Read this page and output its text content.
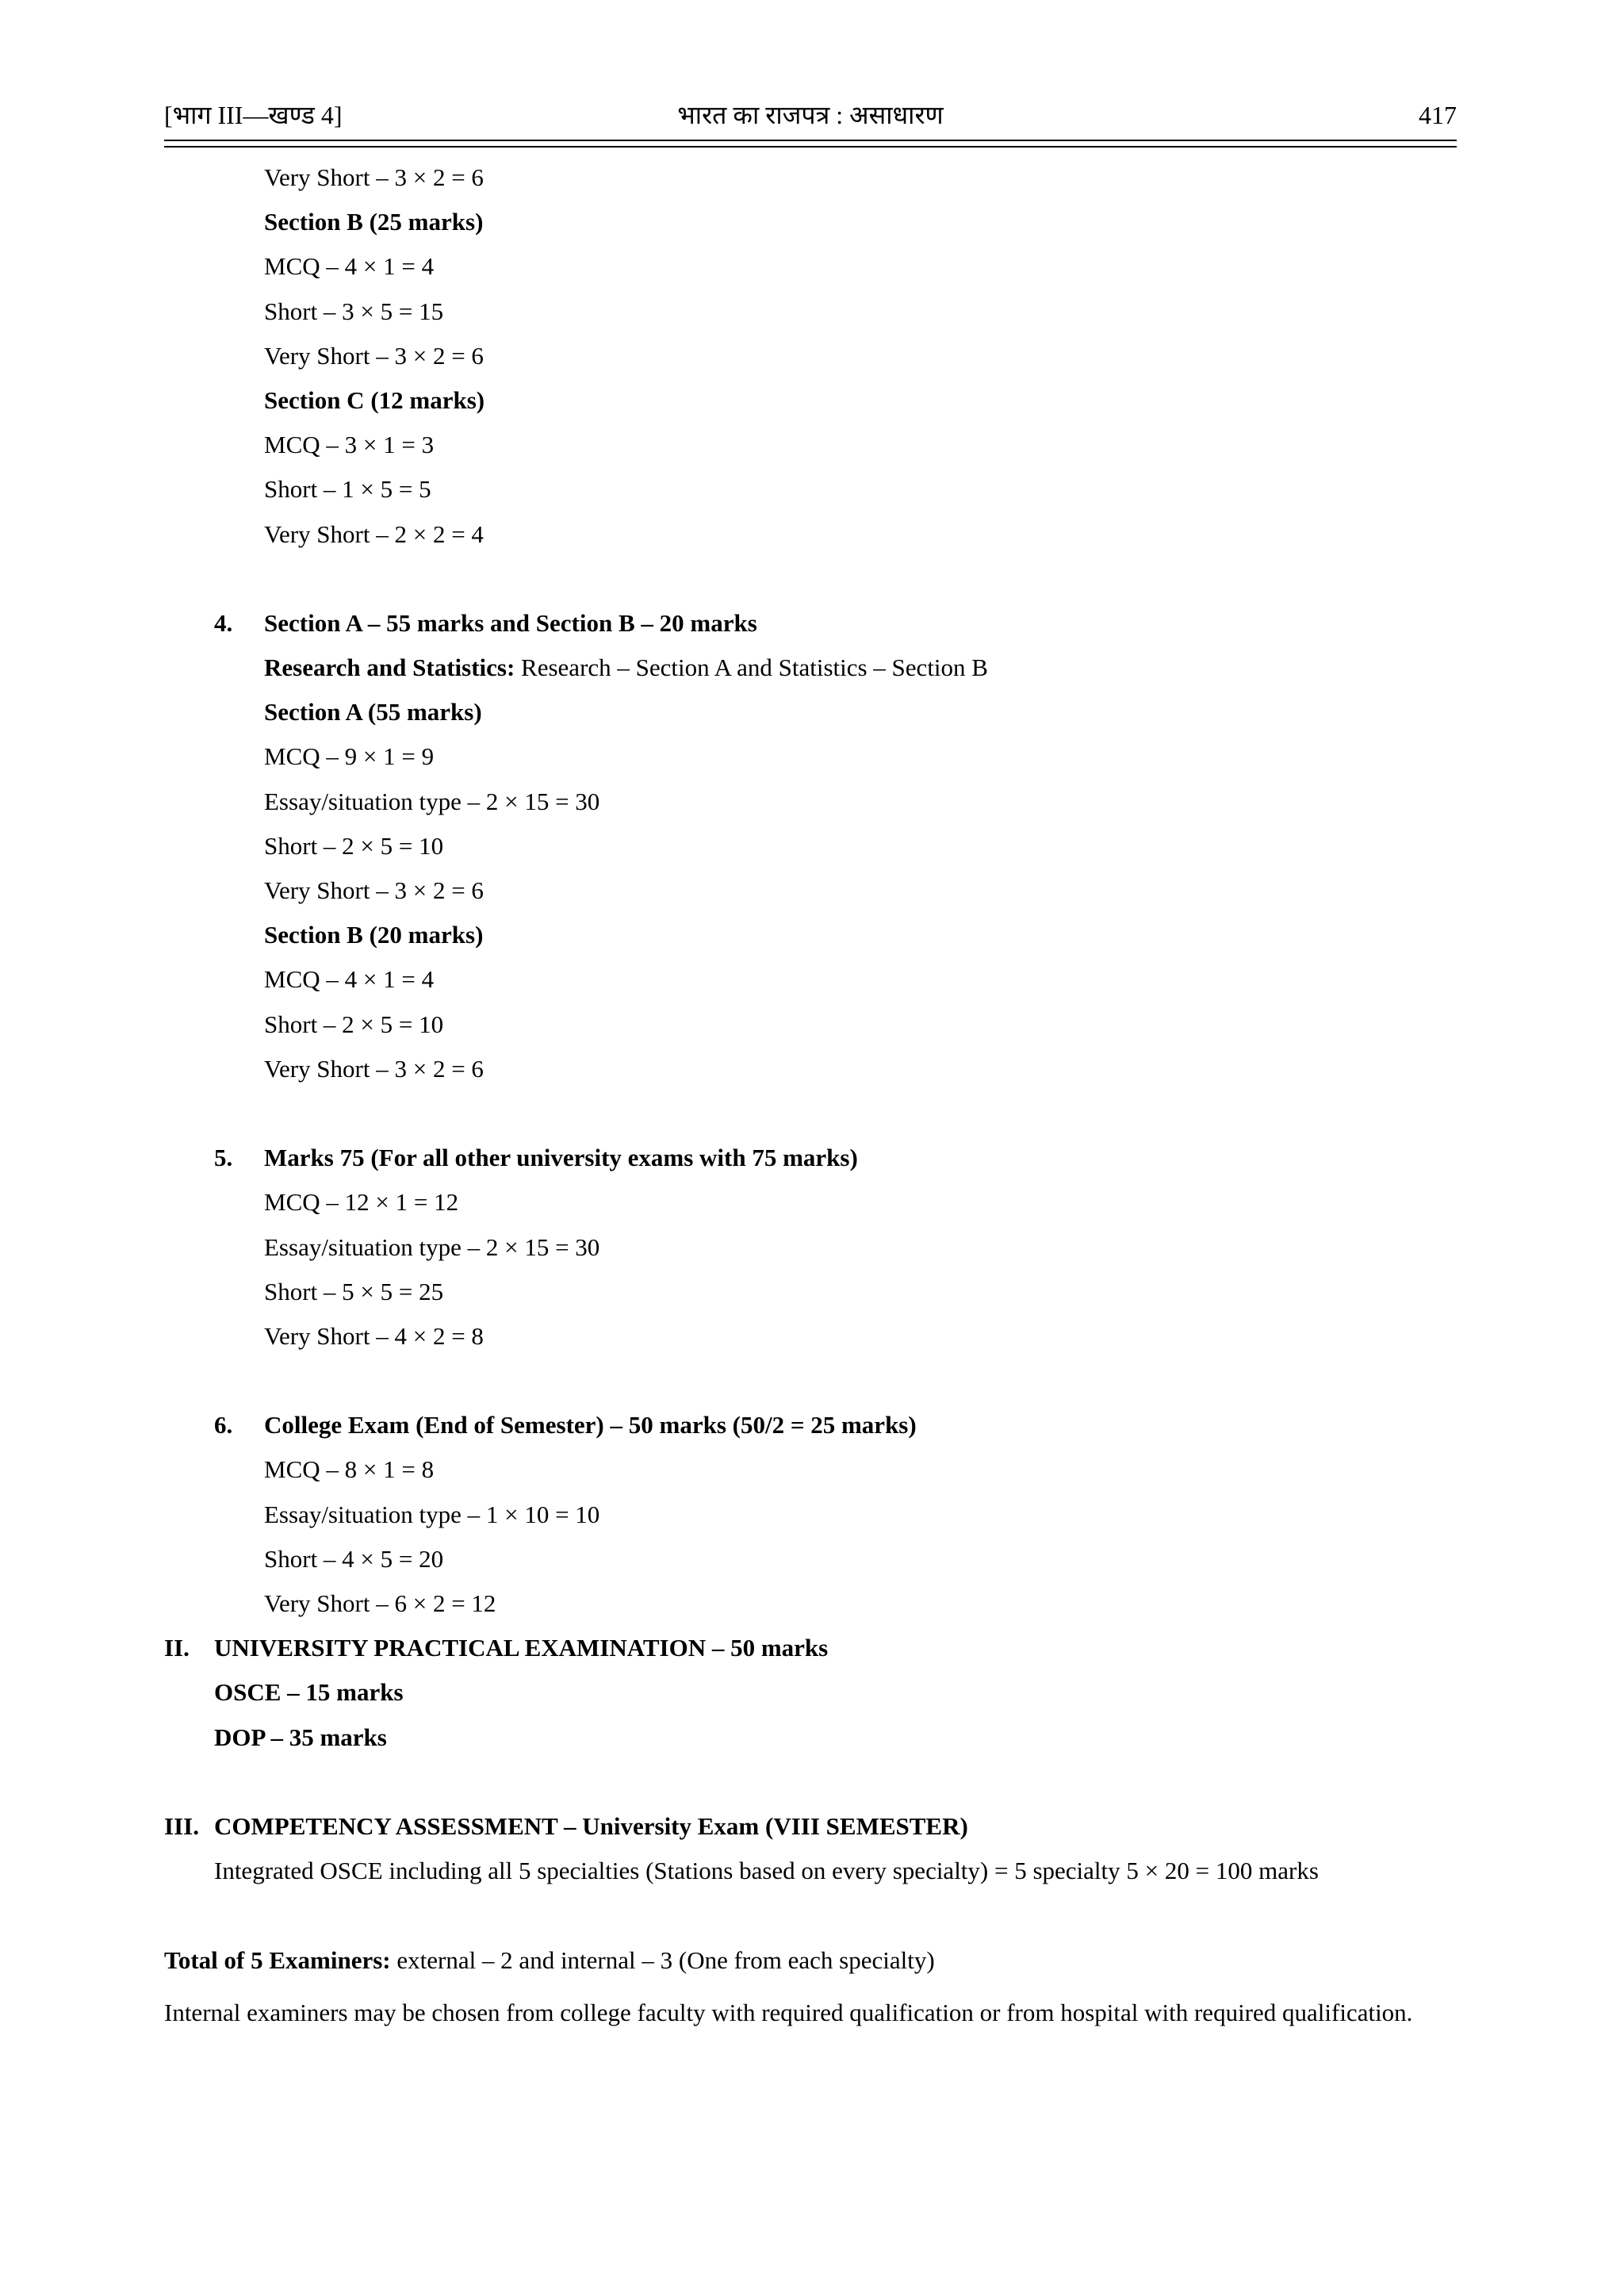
[भाग III—खण्ड 4]	भारत का राजपत्र : असाधारण	417
Very Short – 3 × 2 = 6
Section B (25 marks)
MCQ – 4 × 1 = 4
Short – 3 × 5 = 15
Very Short – 3 × 2 = 6
Section C (12 marks)
MCQ – 3 × 1 = 3
Short – 1 × 5 = 5
Very Short – 2 × 2 = 4
4. Section A – 55 marks and Section B – 20 marks
Research and Statistics: Research – Section A and Statistics – Section B
Section A (55 marks)
MCQ – 9 × 1 = 9
Essay/situation type – 2 × 15 = 30
Short – 2 × 5 = 10
Very Short – 3 × 2 = 6
Section B (20 marks)
MCQ – 4 × 1 = 4
Short – 2 × 5 = 10
Very Short – 3 × 2 = 6
5. Marks 75 (For all other university exams with 75 marks)
MCQ – 12 × 1 = 12
Essay/situation type – 2 × 15 = 30
Short – 5 × 5 = 25
Very Short – 4 × 2 = 8
6. College Exam (End of Semester) – 50 marks (50/2 = 25 marks)
MCQ – 8 × 1 = 8
Essay/situation type – 1 × 10 = 10
Short – 4 × 5 = 20
Very Short – 6 × 2 = 12
II. UNIVERSITY PRACTICAL EXAMINATION – 50 marks
OSCE – 15 marks
DOP – 35 marks
III. COMPETENCY ASSESSMENT – University Exam (VIII SEMESTER)
Integrated OSCE including all 5 specialties (Stations based on every specialty) = 5 specialty 5 × 20 = 100 marks
Total of 5 Examiners: external – 2 and internal – 3 (One from each specialty)
Internal examiners may be chosen from college faculty with required qualification or from hospital with required qualification.
